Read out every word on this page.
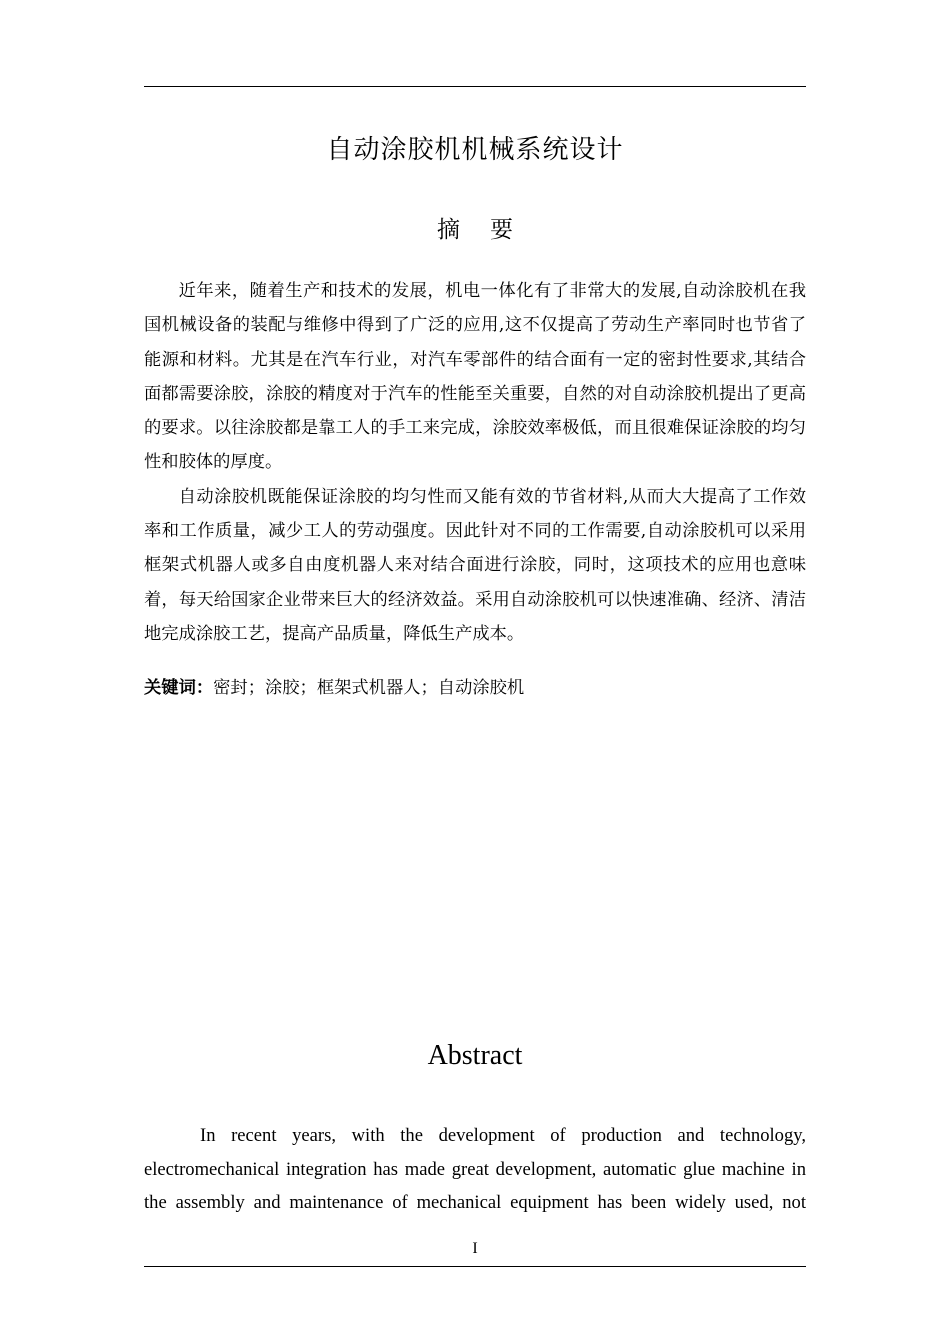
自动涂胶机机械系统设计
摘要

近年来，随着生产和技术的发展，机电一体化有了非常大的发展,自动涂胶机在我国机械设备的装配与维修中得到了广泛的应用,这不仅提高了劳动生产率同时也节省了能源和材料。尤其是在汽车行业，对汽车零部件的结合面有一定的密封性要求,其结合面都需要涂胶，涂胶的精度对于汽车的性能至关重要，自然的对自动涂胶机提出了更高的要求。以往涂胶都是靠工人的手工来完成，涂胶效率极低，而且很难保证涂胶的均匀性和胶体的厚度。

自动涂胶机既能保证涂胶的均匀性而又能有效的节省材料,从而大大提高了工作效率和工作质量，减少工人的劳动强度。因此针对不同的工作需要,自动涂胶机可以采用框架式机器人或多自由度机器人来对结合面进行涂胶，同时，这项技术的应用也意味着，每天给国家企业带来巨大的经济效益。采用自动涂胶机可以快速准确、经济、清洁地完成涂胶工艺，提高产品质量，降低生产成本。

关键词：密封；涂胶；框架式机器人；自动涂胶机
Abstract

In recent years, with the development of production and technology, electromechanical integration has made great development, automatic glue machine in the assembly and maintenance of mechanical equipment has been widely used, not

I
